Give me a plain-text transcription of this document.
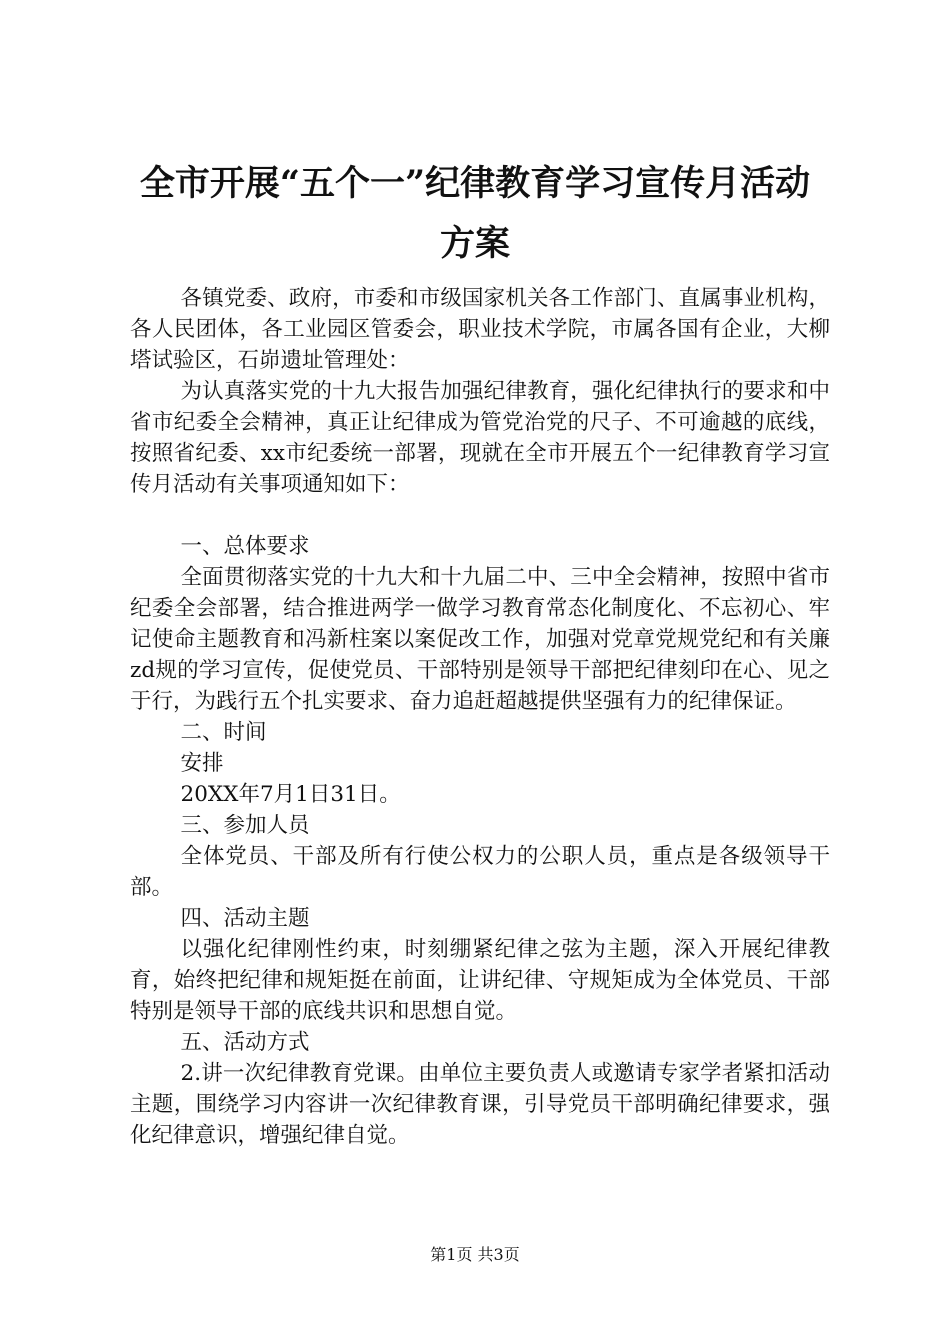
全市开展“五个一”纪律教育学习宣传月活动
方案

各镇党委、政府，市委和市级国家机关各工作部门、直属事业机构，各人民团体，各工业园区管委会，职业技术学院，市属各国有企业，大柳塔试验区，石峁遗址管理处：

为认真落实党的十九大报告加强纪律教育，强化纪律执行的要求和中省市纪委全会精神，真正让纪律成为管党治党的尺子、不可逾越的底线，按照省纪委、xx市纪委统一部署，现就在全市开展五个一纪律教育学习宣传月活动有关事项通知如下：

一、总体要求

全面贯彻落实党的十九大和十九届二中、三中全会精神，按照中省市纪委全会部署，结合推进两学一做学习教育常态化制度化、不忘初心、牢记使命主题教育和冯新柱案以案促改工作，加强对党章党规党纪和有关廉zd规的学习宣传，促使党员、干部特别是领导干部把纪律刻印在心、见之于行，为践行五个扎实要求、奋力追赶超越提供坚强有力的纪律保证。

二、时间

安排

20XX年7月1日31日。

三、参加人员

全体党员、干部及所有行使公权力的公职人员，重点是各级领导干部。

四、活动主题

以强化纪律刚性约束，时刻绷紧纪律之弦为主题，深入开展纪律教育，始终把纪律和规矩挺在前面，让讲纪律、守规矩成为全体党员、干部特别是领导干部的底线共识和思想自觉。

五、活动方式

2.讲一次纪律教育党课。由单位主要负责人或邀请专家学者紧扣活动主题，围绕学习内容讲一次纪律教育课，引导党员干部明确纪律要求，强化纪律意识，增强纪律自觉。

第1页 共3页
